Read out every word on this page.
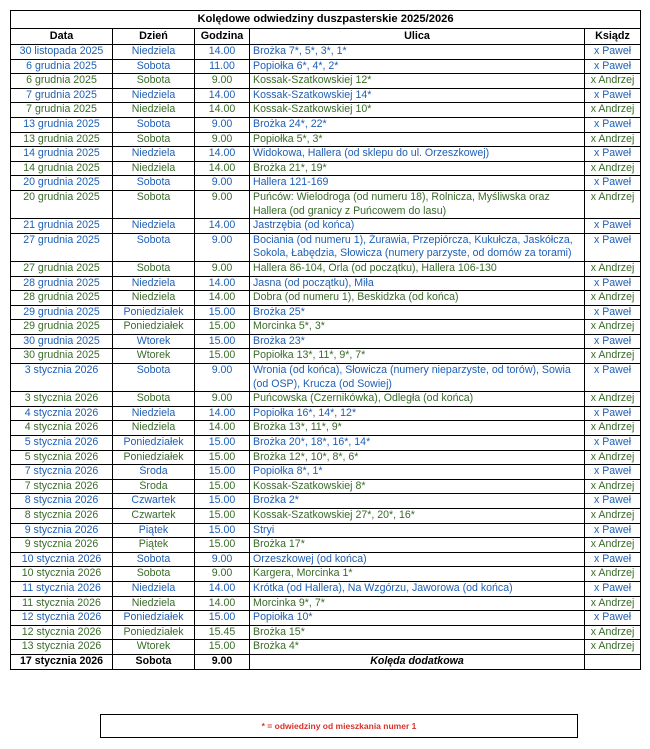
Kolędowe odwiedziny duszpasterskie 2025/2026				
Data	Dzień	Godzina	Ulica	Ksiądz
30 listopada 2025	Niedziela	14.00	Brożka 7*, 5*, 3*, 1*	x Paweł
6 grudnia 2025	Sobota	11.00	Popiołka 6*, 4*, 2*	x Paweł
6 grudnia 2025	Sobota	9.00	Kossak-Szatkowskiej 12*	x Andrzej
7 grudnia 2025	Niedziela	14.00	Kossak-Szatkowskiej 14*	x Paweł
7 grudnia 2025	Niedziela	14.00	Kossak-Szatkowskiej 10*	x Andrzej
13 grudnia 2025	Sobota	9.00	Brożka 24*, 22*	x Paweł
13 grudnia 2025	Sobota	9.00	Popiołka 5*, 3*	x Andrzej
14 grudnia 2025	Niedziela	14.00	Widokowa, Hallera (od sklepu do ul. Orzeszkowej)	x Paweł
14 grudnia 2025	Niedziela	14.00	Brożka 21*, 19*	x Andrzej
20 grudnia 2025	Sobota	9.00	Hallera 121-169	x Paweł
20 grudnia 2025	Sobota	9.00	Puńców: Wielodroga (od numeru 18), Rolnicza, Myśliwska oraz Hallera (od granicy z Puńcowem do lasu)	x Andrzej
21 grudnia 2025	Niedziela	14.00	Jastrzębia (od końca)	x Paweł
27 grudnia 2025	Sobota	9.00	Bociania (od numeru 1), Żurawia, Przepiórcza, Kukułcza, Jaskółcza, Sokola, Łabędzia, Słowicza (numery parzyste, od domów za torami)	x Paweł
27 grudnia 2025	Sobota	9.00	Hallera 86-104, Orla (od początku), Hallera 106-130	x Andrzej
28 grudnia 2025	Niedziela	14.00	Jasna (od początku), Miła	x Paweł
28 grudnia 2025	Niedziela	14.00	Dobra (od numeru 1), Beskidzka (od końca)	x Andrzej
29 grudnia 2025	Poniedziałek	15.00	Brożka 25*	x Paweł
29 grudnia 2025	Poniedziałek	15.00	Morcinka 5*, 3*	x Andrzej
30 grudnia 2025	Wtorek	15.00	Brożka 23*	x Paweł
30 grudnia 2025	Wtorek	15.00	Popiołka 13*, 11*, 9*, 7*	x Andrzej
3 stycznia 2026	Sobota	9.00	Wronia (od końca), Słowicza (numery nieparzyste, od torów), Sowia (od OSP), Krucza (od Sowiej)	x Paweł
3 stycznia 2026	Sobota	9.00	Puńcowska (Czernikówka), Odległa (od końca)	x Andrzej
4 stycznia 2026	Niedziela	14.00	Popiołka 16*, 14*, 12*	x Paweł
4 stycznia 2026	Niedziela	14.00	Brożka 13*, 11*, 9*	x Andrzej
5 stycznia 2026	Poniedziałek	15.00	Brożka 20*, 18*, 16*, 14*	x Paweł
5 stycznia 2026	Poniedziałek	15.00	Brożka 12*, 10*, 8*, 6*	x Andrzej
7 stycznia 2026	Środa	15.00	Popiołka 8*, 1*	x Paweł
7 stycznia 2026	Środa	15.00	Kossak-Szatkowskiej 8*	x Andrzej
8 stycznia 2026	Czwartek	15.00	Brożka 2*	x Paweł
8 stycznia 2026	Czwartek	15.00	Kossak-Szatkowskiej 27*, 20*, 16*	x Andrzej
9 stycznia 2026	Piątek	15.00	Stryi	x Paweł
9 stycznia 2026	Piątek	15.00	Brożka 17*	x Andrzej
10 stycznia 2026	Sobota	9.00	Orzeszkowej (od końca)	x Paweł
10 stycznia 2026	Sobota	9.00	Kargera, Morcinka 1*	x Andrzej
11 stycznia 2026	Niedziela	14.00	Krótka (od Hallera), Na Wzgórzu, Jaworowa (od końca)	x Paweł
11 stycznia 2026	Niedziela	14.00	Morcinka 9*, 7*	x Andrzej
12 stycznia 2026	Poniedziałek	15.00	Popiołka 10*	x Paweł
12 stycznia 2026	Poniedziałek	15.45	Brożka 15*	x Andrzej
13 stycznia 2026	Wtorek	15.00	Brożka 4*	x Andrzej
17 stycznia 2026	Sobota	9.00	Kolęda dodatkowa	
* = odwiedziny od mieszkania numer 1
